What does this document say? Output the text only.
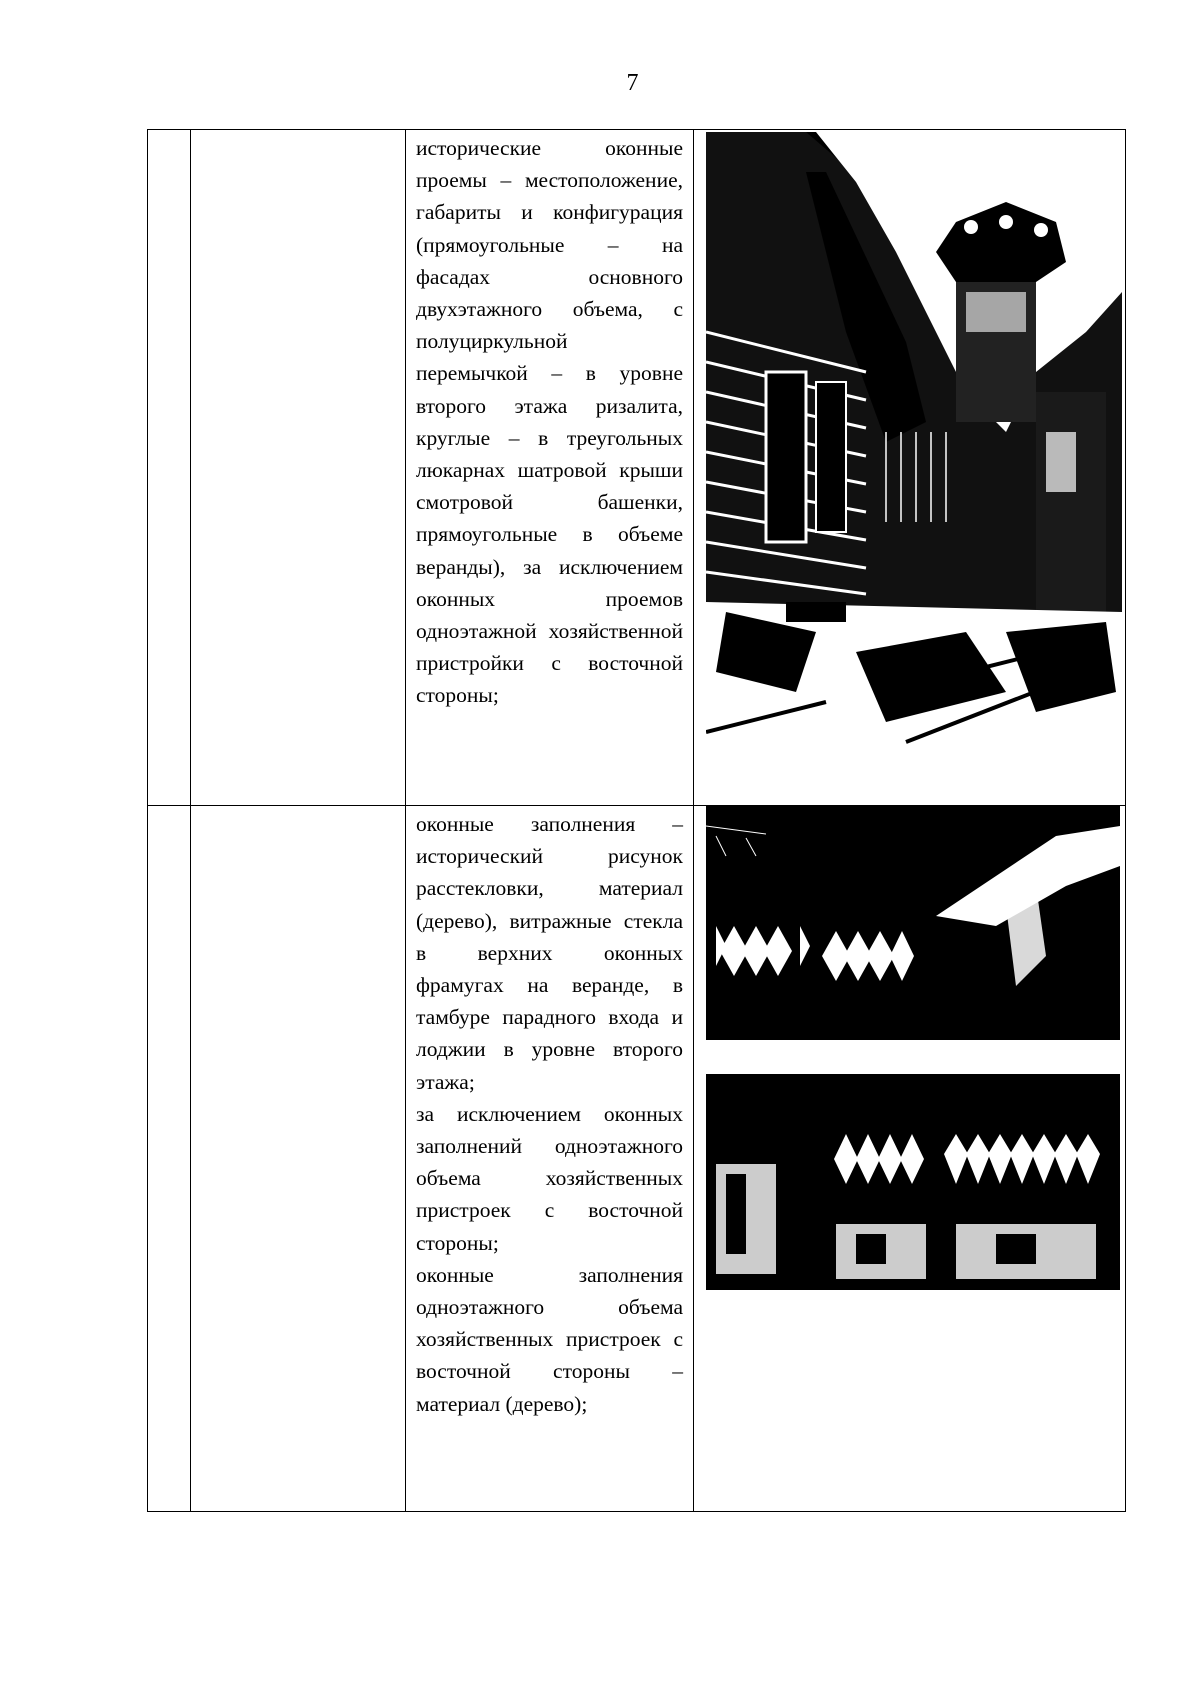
7

		исторические оконные проемы – местоположение, габариты и конфигурация (прямоугольные – на фасадах основного двухэтажного объема, с полуциркульной перемычкой – в уровне второго этажа ризалита, круглые – в треугольных люкарнах шатровой крыши смотровой башенки, прямоугольные в объеме веранды), за исключением оконных проемов одноэтажной хозяйственной пристройки с восточной стороны;

		оконные заполнения – исторический рисунок расстекловки, материал (дерево), витражные стекла в верхних оконных фрамугах на веранде, в тамбуре парадного входа и лоджии в уровне второго этажа;

за исключением оконных заполнений одноэтажного объема хозяйственных пристроек с восточной стороны;

оконные заполнения одноэтажного объема хозяйственных пристроек с восточной стороны – материал (дерево);
